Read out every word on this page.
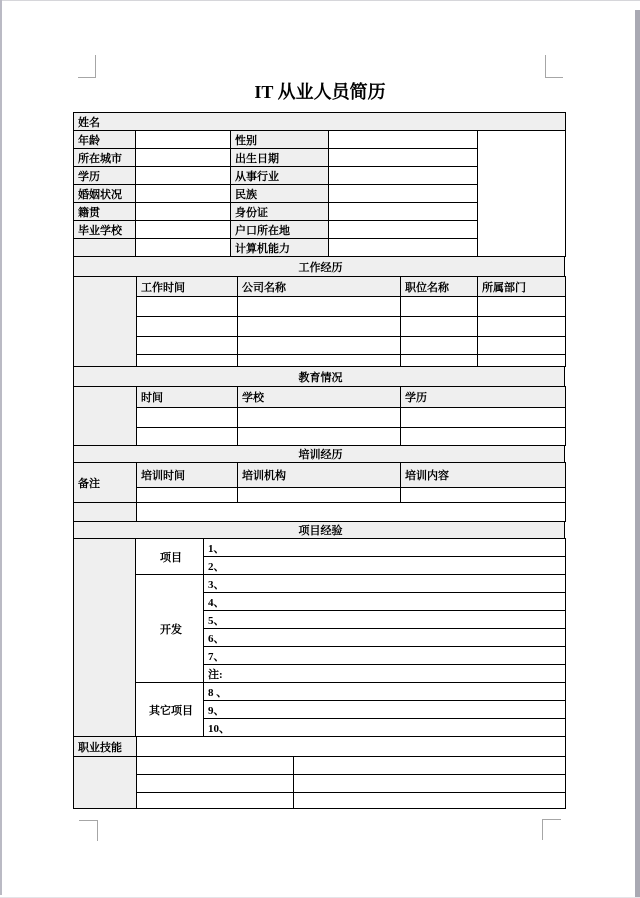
IT 从业人员简历
姓名				
年龄		性别		
所在城市		出生日期		
学历		从事行业		
婚姻状况		民族		
籍贯		身份证		
毕业学校		户口所在地		
		计算机能力		
工作经历
	工作时间	公司名称	职位名称	所属部门

教育情况
	时间	学校	学历

培训经历
备注	培训时间	培训机构	培训内容

项目经验
	项目	1、
		2、
	开发	3、
		4、
		5、
		6、
		7、
		注:
	其它项目	8 、
		9、
		10、
职业技能	
